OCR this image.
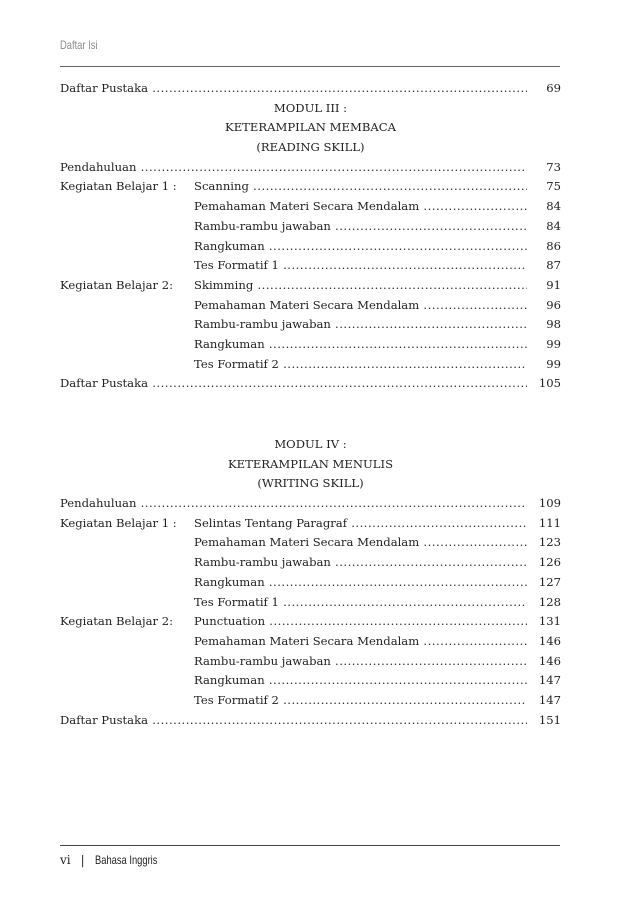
Daftar Isi
Daftar Pustaka .....	69
MODUL III :
KETERAMPILAN MEMBACA
(READING SKILL)
Pendahuluan .....	73
Kegiatan Belajar 1 :	Scanning .....	75
Pemahaman Materi Secara Mendalam .....	84
Rambu-rambu jawaban .....	84
Rangkuman .....	86
Tes Formatif 1 .....	87
Kegiatan Belajar 2:	Skimming .....	91
Pemahaman Materi Secara Mendalam .....	96
Rambu-rambu jawaban .....	98
Rangkuman .....	99
Tes Formatif 2 .....	99
Daftar Pustaka .....	105
MODUL IV :
KETERAMPILAN MENULIS
(WRITING SKILL)
Pendahuluan .....	109
Kegiatan Belajar 1 :	Selintas Tentang Paragraf .....	111
Pemahaman Materi Secara Mendalam .....	123
Rambu-rambu jawaban .....	126
Rangkuman .....	127
Tes Formatif 1 .....	128
Kegiatan Belajar 2:	Punctuation .....	131
Pemahaman Materi Secara Mendalam .....	146
Rambu-rambu jawaban .....	146
Rangkuman .....	147
Tes Formatif 2 .....	147
Daftar Pustaka .....	151
vi | Bahasa Inggris
